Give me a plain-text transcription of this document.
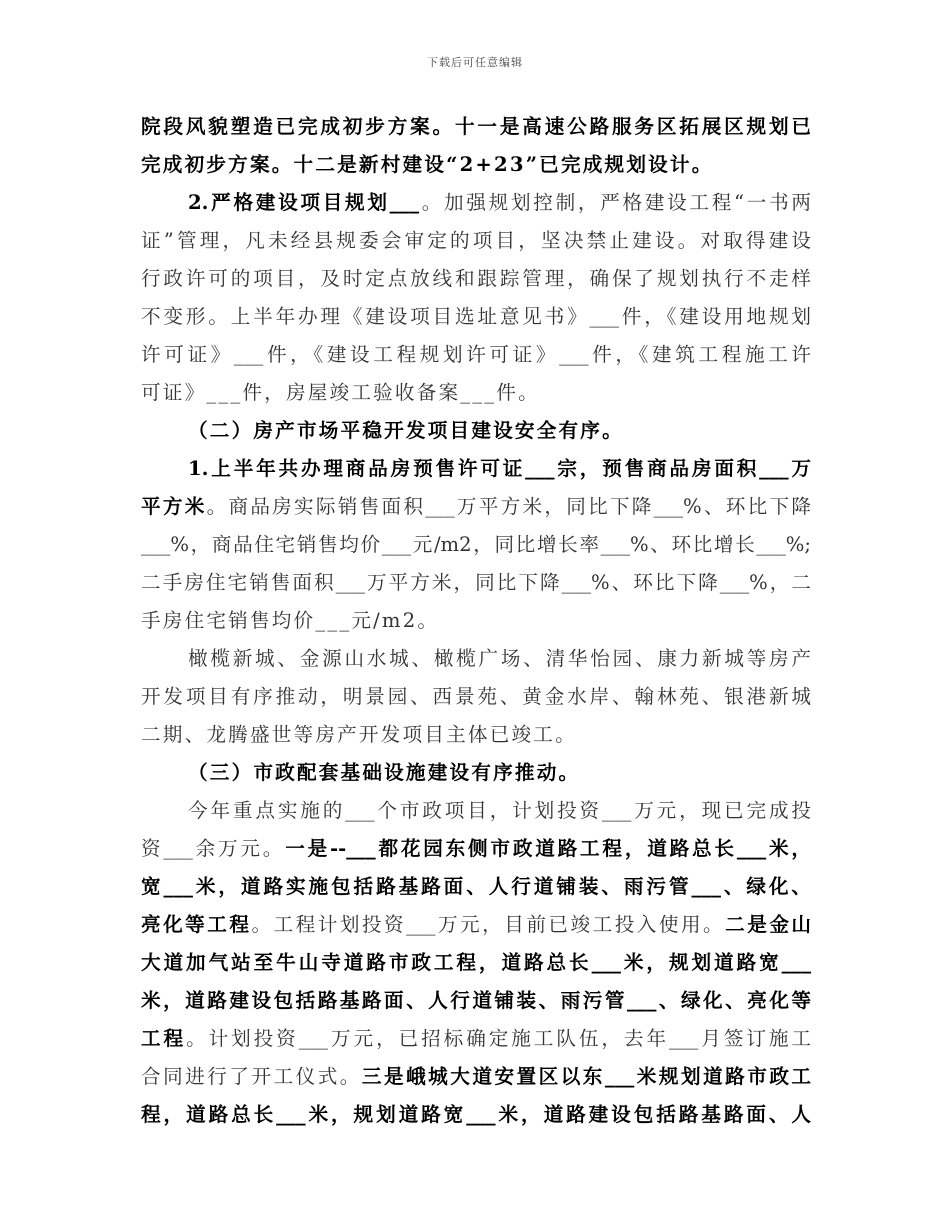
下载后可任意编辑
院段风貌塑造已完成初步方案。十一是高速公路服务区拓展区规划已
完成初步方案。十二是新村建设“2+23”已完成规划设计。
2.严格建设项目规划___。加强规划控制，严格建设工程“一书两
证”管理，凡未经县规委会审定的项目，坚决禁止建设。对取得建设
行政许可的项目，及时定点放线和跟踪管理，确保了规划执行不走样
不变形。上半年办理《建设项目选址意见书》___件，《建设用地规划
许可证》___件，《建设工程规划许可证》___件，《建筑工程施工许
可证》___件，房屋竣工验收备案___件。
（二）房产市场平稳开发项目建设安全有序。
1.上半年共办理商品房预售许可证___宗，预售商品房面积___万
平方米。商品房实际销售面积___万平方米，同比下降___%、环比下降
___%，商品住宅销售均价___元/m2，同比增长率___%、环比增长___%;
二手房住宅销售面积___万平方米，同比下降___%、环比下降___%，二
手房住宅销售均价___元/m2。
橄榄新城、金源山水城、橄榄广场、清华怡园、康力新城等房产
开发项目有序推动，明景园、西景苑、黄金水岸、翰林苑、银港新城
二期、龙腾盛世等房产开发项目主体已竣工。
（三）市政配套基础设施建设有序推动。
今年重点实施的___个市政项目，计划投资___万元，现已完成投
资___余万元。一是--___都花园东侧市政道路工程，道路总长___米，
宽___米，道路实施包括路基路面、人行道铺装、雨污管___、绿化、
亮化等工程。工程计划投资___万元，目前已竣工投入使用。二是金山
大道加气站至牛山寺道路市政工程，道路总长___米，规划道路宽___
米，道路建设包括路基路面、人行道铺装、雨污管___、绿化、亮化等
工程。计划投资___万元，已招标确定施工队伍，去年___月签订施工
合同进行了开工仪式。三是峨城大道安置区以东___米规划道路市政工
程，道路总长___米，规划道路宽___米，道路建设包括路基路面、人
